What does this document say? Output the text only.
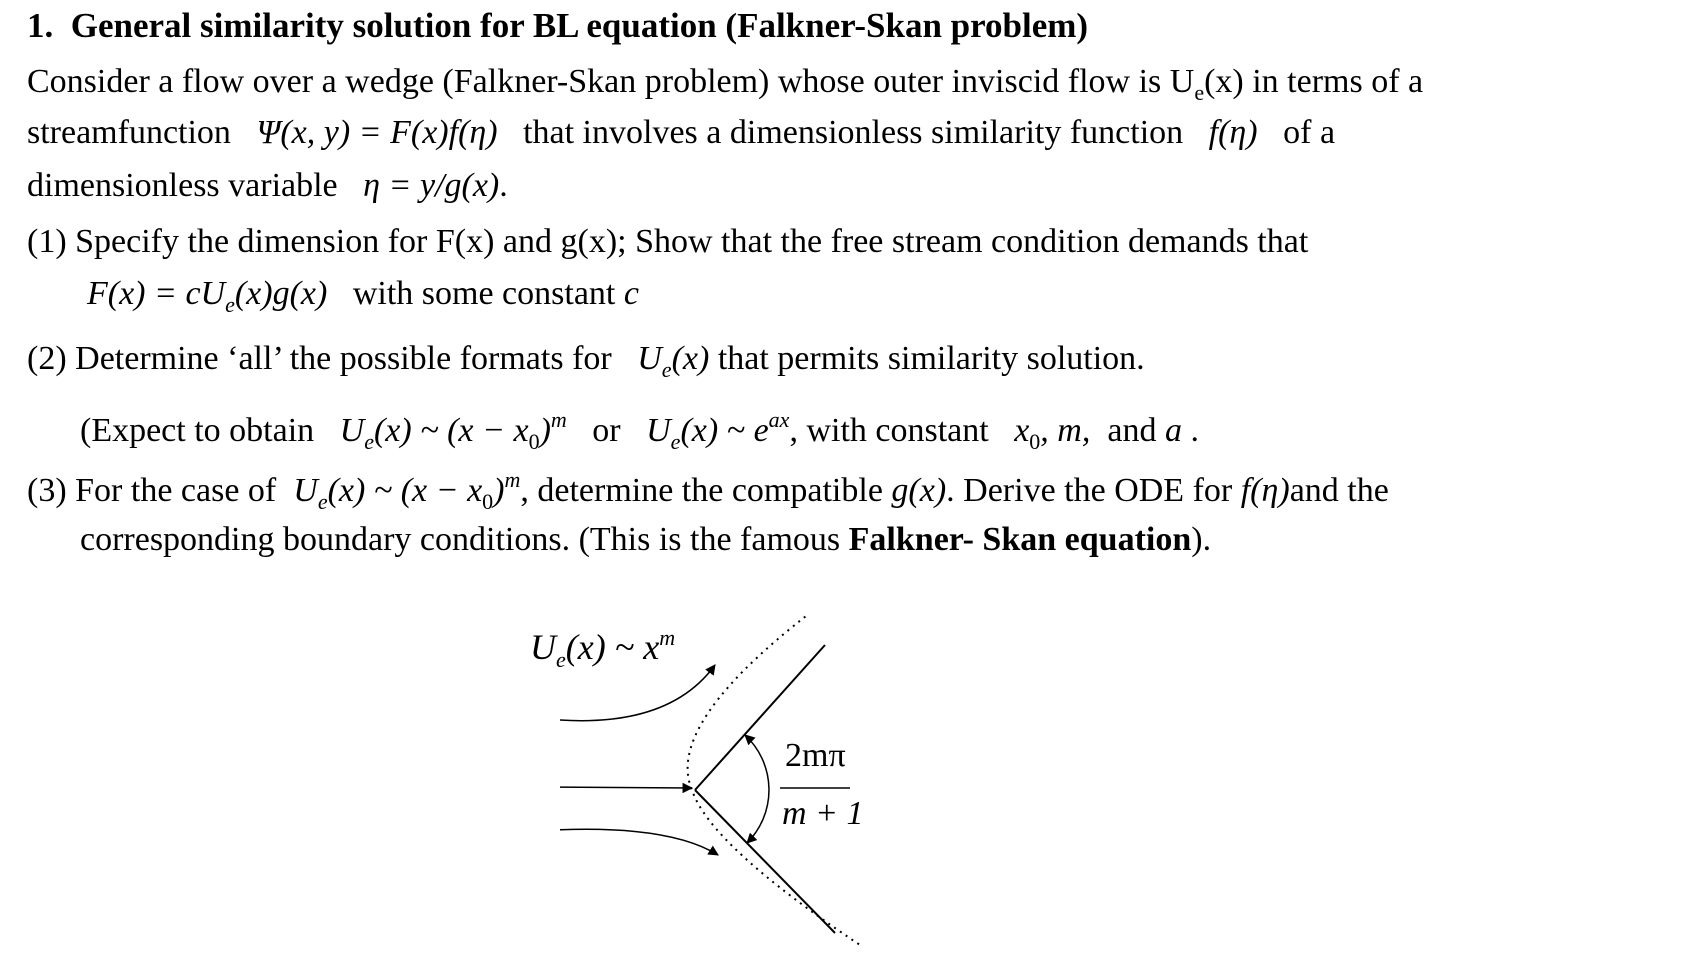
1. General similarity solution for BL equation (Falkner-Skan problem)
Consider a flow over a wedge (Falkner-Skan problem) whose outer inviscid flow is $U_e(x)$ in terms of a
streamfunction Ψ(x, y) = F(x)f(η) that involves a dimensionless similarity function f(η) of a
dimensionless variable η = y/g(x).
(1) Specify the dimension for F(x) and g(x); Show that the free stream condition demands that
$F(x) = cU_e(x)g(x)$ with some constant c
(2) Determine ‘all’ the possible formats for $U_e(x)$ that permits similarity solution.
(Expect to obtain $U_e(x)$ ~ $(x - x_0)^m$ or $U_e(x)$ ~ $e^{ax}$, with constant $x_0$, m, and a .
(3) For the case of $U_e(x)$ ~ $(x - x_0)^m$, determine the compatible g(x). Derive the ODE for f(η)and the
corresponding boundary conditions. (This is the famous Falkner- Skan equation).
$U_e(x)$ ~ $x^m$
2mπ
m + 1
